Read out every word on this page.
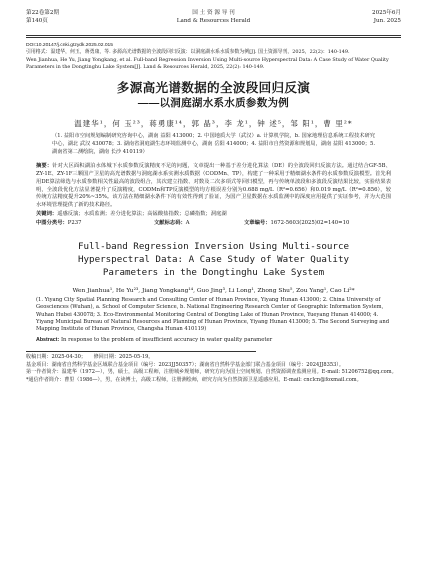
第22卷第2期
第140页
国 土 资 源 导 刊
Land & Resources Herald
2025年6月
Jun. 2025
DOI:10.20147/j.cnki.gtzydk.2025.02.015
引用格式：温建华，何玉，蒋勇康，等. 多源高光谱数据的全波段回归反演：以洞庭湖水系水质参数为例[J]. 国土资源导刊，2025，22(2)：140-149.
Wen Jianhua, He Yu, Jiang Yongkang, et al. Full-band Regression Inversion Using Multi-source Hyperspectral Data: A Case Study of Water Quality Parameters in the Dongtinghu Lake System[J]. Land & Resources Herald, 2025, 22(2): 140-149.
多源高光谱数据的全波段回归反演
——以洞庭湖水系水质参数为例
温建华¹，何 玉²³，蒋勇康¹⁴，郭 晶³，李 龙¹，钟 述⁵，邹 阳¹，曹 里²*
（1. 益阳市空间规划编制研究咨询中心，湖南 益阳 413000；2. 中国地质大学（武汉）a. 计算机学院，b. 国家地理信息系统工程技术研究中心，湖北 武汉 430078；3. 湖南省洞庭湖生态环境监测中心，湖南 岳阳 414000；4. 益阳市自然资源和规划局，湖南 益阳 413000；5. 湖南省第二测绘院，湖南 长沙 410119）
摘要：针对大区面积湖泊水体城下水质参数反演精度不足的问题，文章提出一种基于差分进化算法（DE）的全波段回归反演方法。通过结合GF-5B、ZY-1E、ZY-1F三颗国产卫星的高光谱数据与洞庭湖水系实测水质数据（CODMn、TP），构建了一种采用于精细湖水条件的水质参数反演模型。首先利用DE算法筛选与水质参数相关性最高的波段组合，其次建立指数、对数及二次多项式等回归模型，再与传统单波段和多波段反演结果比较，实验结果表明，全波段优化方法显著提升了反演精度，CODMn和TP反演模型的均方根误差分别为0.688 mg/L（R²=0.656）和0.019 mg/L（R²=0.856），较传统方法精度提升20%~35%。该方法在精细湖水条件下的有效性得到了验证，为国产卫星数据在水质监测中的深度应用提供了实证参考，并为大范围水环境管理提供了新的技术路径。
关键词：遥感反演；水质监测；差分进化算法；高锰酸盐指数；总磷指数；洞庭湖
中图分类号：P237	文献标志码：A	文章编号：1672-5603(2025)02=140=10
Full-band Regression Inversion Using Multi-source Hyperspectral Data: A Case Study of Water Quality Parameters in the Dongtinghu Lake System
Wen Jianhua¹, He Yu²³, Jiang Yongkang¹⁴, Guo Jing³, Li Long¹, Zhong Shu⁵, Zou Yang¹, Cao Li²*
(1. Yiyang City Spatial Planning Research and Consulting Center of Hunan Province, Yiyang Hunan 413000; 2. China University of Geosciences (Wuhan), a. School of Computer Science, b. National Engineering Research Center of Geographic Information System, Wuhan Hubei 430078; 3. Eco-Environmental Monitoring Central of Dongting Lake of Hunan Province, Yueyang Hunan 414000; 4. Yiyang Municipal Bureau of Natural Resources and Planning of Hunan Province, Yiyang Hunan 413000; 5. The Second Surveying and Mapping Institute of Hunan Province, Changsha Hunan 410119)
Abstract: In response to the problem of insufficient accuracy in water quality parameter
收稿日期：2025-04-30；　　修回日期：2025-05-19。
基金项目：湖南省自然科学基金区域联合基金项目（编号：2023JJ50357）；湖南省自然科学基金部门联合基金项目（编号：2024JJ8353）。
第一作者简介：温建华（1972—），男，硕士，高级工程师，注册城乡规划师，研究方向为国土空间规划、自然资源调查监测应用。E-mail: 51206752@qq.com。
*通信作者简介：曹里（1986—），男，在读博士，高级工程师，注册测绘师，研究方向为自然资源卫星遥感应用。E-mail: cnclcn@foxmail.com。
